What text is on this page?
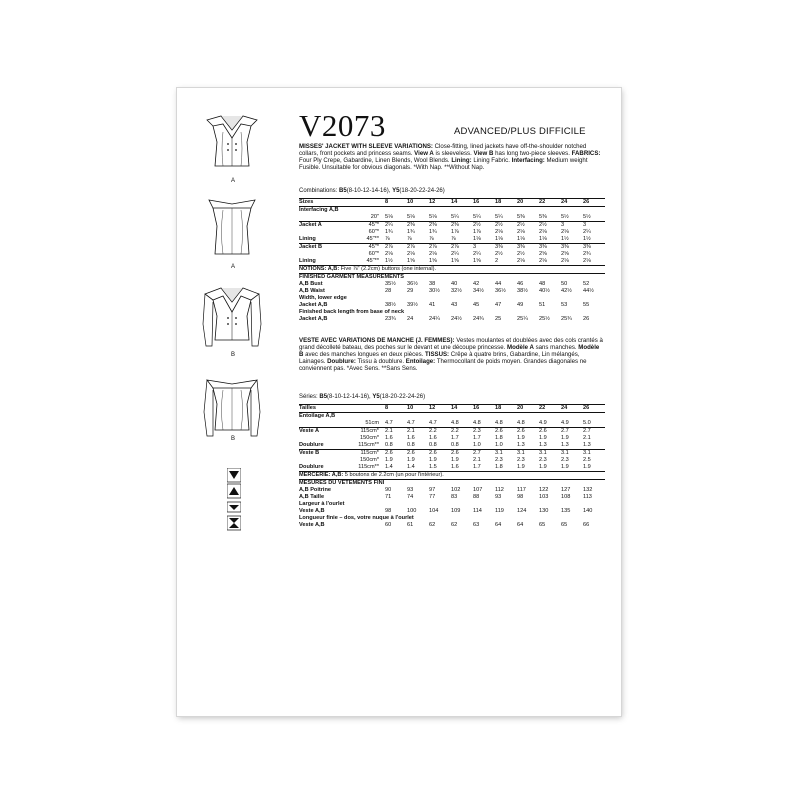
A
A
B
B
V2073	ADVANCED/PLUS DIFFICILE
MISSES' JACKET WITH SLEEVE VARIATIONS: Close-fitting, lined jackets have off-the-shoulder notched collars, front pockets and princess seams. View A is sleeveless. View B has long two-piece sleeves. FABRICS: Four Ply Crepe, Gabardine, Linen Blends, Wool Blends. Lining: Lining Fabric. Interfacing: Medium weight Fusible. Unsuitable for obvious diagonals. *With Nap. **Without Nap.
Combinations: B5(8-10-12-14-16), Y5(18-20-22-24-26)
Sizes		8	10	12	14	16	18	20	22	24	26
Interfacing A,B											
	20"	5⅛	5⅛	5⅛	5¼	5¼	5¼	5⅜	5⅜	5½	5½
Jacket A	45"*	2¼	2⅜	2⅜	2⅜	2½	2½	2½	2½	3	3
	60"*	1¾	1¾	1¾	1⅞	1⅞	2⅛	2⅛	2⅛	2⅛	2¼
Lining	45"**	⅞	⅞	⅞	⅞	1⅛	1⅛	1⅛	1⅛	1½	1½
Jacket B	45"*	2⅞	2⅞	2⅞	2⅞	3	3⅜	3⅜	3⅜	3⅜	3⅜
	60"*	2⅛	2⅛	2⅛	2¼	2¼	2½	2½	2⅝	2⅝	2¾
Lining	45"**	1½	1⅝	1⅝	1⅝	1⅝	2	2⅛	2⅛	2⅛	2⅛
NOTIONS: A,B: Five ⅞" (2.2cm) buttons (one internal).											
FINISHED GARMENT MEASUREMENTS											
A,B Bust		35½	36½	38	40	42	44	46	48	50	52
A,B Waist		28	29	30½	32½	34½	36½	38½	40½	42½	44½
Width, lower edge											
Jacket A,B		38½	39½	41	43	45	47	49	51	53	55
Finished back length from base of neck											
Jacket A,B		23¾	24	24¼	24½	24¾	25	25¼	25½	25¾	26
VESTE AVEC VARIATIONS DE MANCHE (J. FEMMES): Vestes moulantes et doublées avec des cols crantés à grand décolleté bateau, des poches sur le devant et une découpe princesse. Modèle A sans manches. Modèle B avec des manches longues en deux pièces. TISSUS: Crêpe à quatre brins, Gabardine, Lin mélangés, Lainages. Doublure: Tissu à doublure. Entoilage: Thermocollant de poids moyen. Grandes diagonales ne conviennent pas. *Avec Sens. **Sans Sens.
Séries: B5(8-10-12-14-16), Y5(18-20-22-24-26)
Tailles		8	10	12	14	16	18	20	22	24	26
Entoilage A,B											
	51cm	4.7	4.7	4.7	4.8	4.8	4.8	4.8	4.9	4.9	5.0
Veste A	115cm*	2.1	2.1	2.2	2.2	2.3	2.6	2.6	2.6	2.7	2.7
	150cm*	1.6	1.6	1.6	1.7	1.7	1.8	1.9	1.9	1.9	2.1
Doublure	115cm**	0.8	0.8	0.8	0.8	1.0	1.0	1.3	1.3	1.3	1.3
Veste B	115cm*	2.6	2.6	2.6	2.6	2.7	3.1	3.1	3.1	3.1	3.1
	150cm*	1.9	1.9	1.9	1.9	2.1	2.3	2.3	2.3	2.3	2.5
Doublure	115cm**	1.4	1.4	1.5	1.6	1.7	1.8	1.9	1.9	1.9	1.9
MERCERIE: A,B: 5 boutons de 2.2cm (un pour l'intérieur).											
MESURES DU VÊTEMENTS FINI											
A,B Poitrine		90	93	97	102	107	112	117	122	127	132
A,B Taille		71	74	77	83	88	93	98	103	108	113
Largeur à l'ourlet											
Veste A,B		98	100	104	109	114	119	124	130	135	140
Longueur finie – dos, votre nuque à l'ourlet											
Veste A,B		60	61	62	62	63	64	64	65	65	66
